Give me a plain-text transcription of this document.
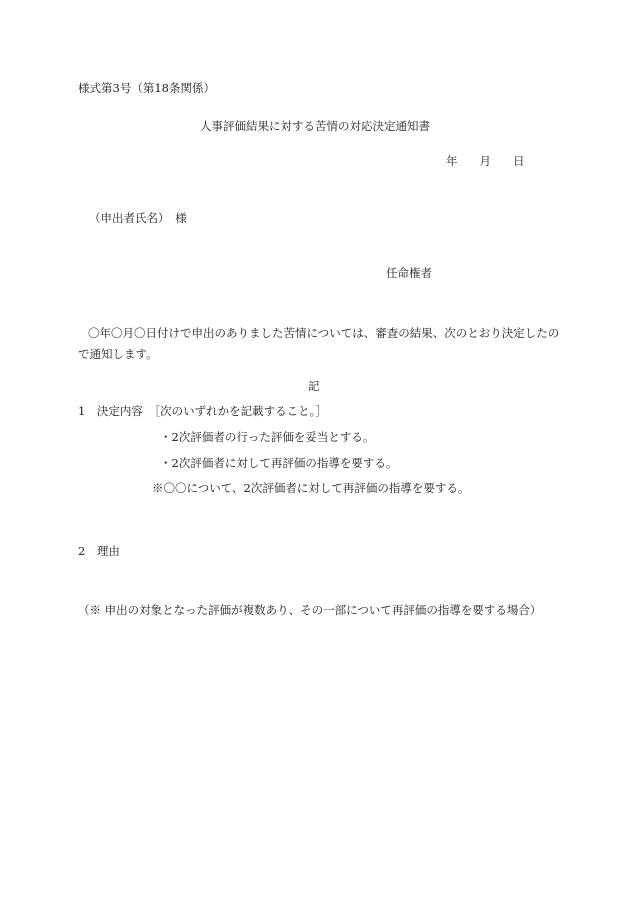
様式第3号（第18条関係）
人事評価結果に対する苦情の対応決定通知書
年 月 日
（申出者氏名）　様
任命権者
〇年〇月〇日付けで申出のありました苦情については、審査の結果、次のとおり決定したので通知します。
記
1　決定内容　［次のいずれかを記載すること。］
・2次評価者の行った評価を妥当とする。
・2次評価者に対して再評価の指導を要する。
※〇〇について、2次評価者に対して再評価の指導を要する。
2　理由
（※ 申出の対象となった評価が複数あり、その一部について再評価の指導を要する場合）
